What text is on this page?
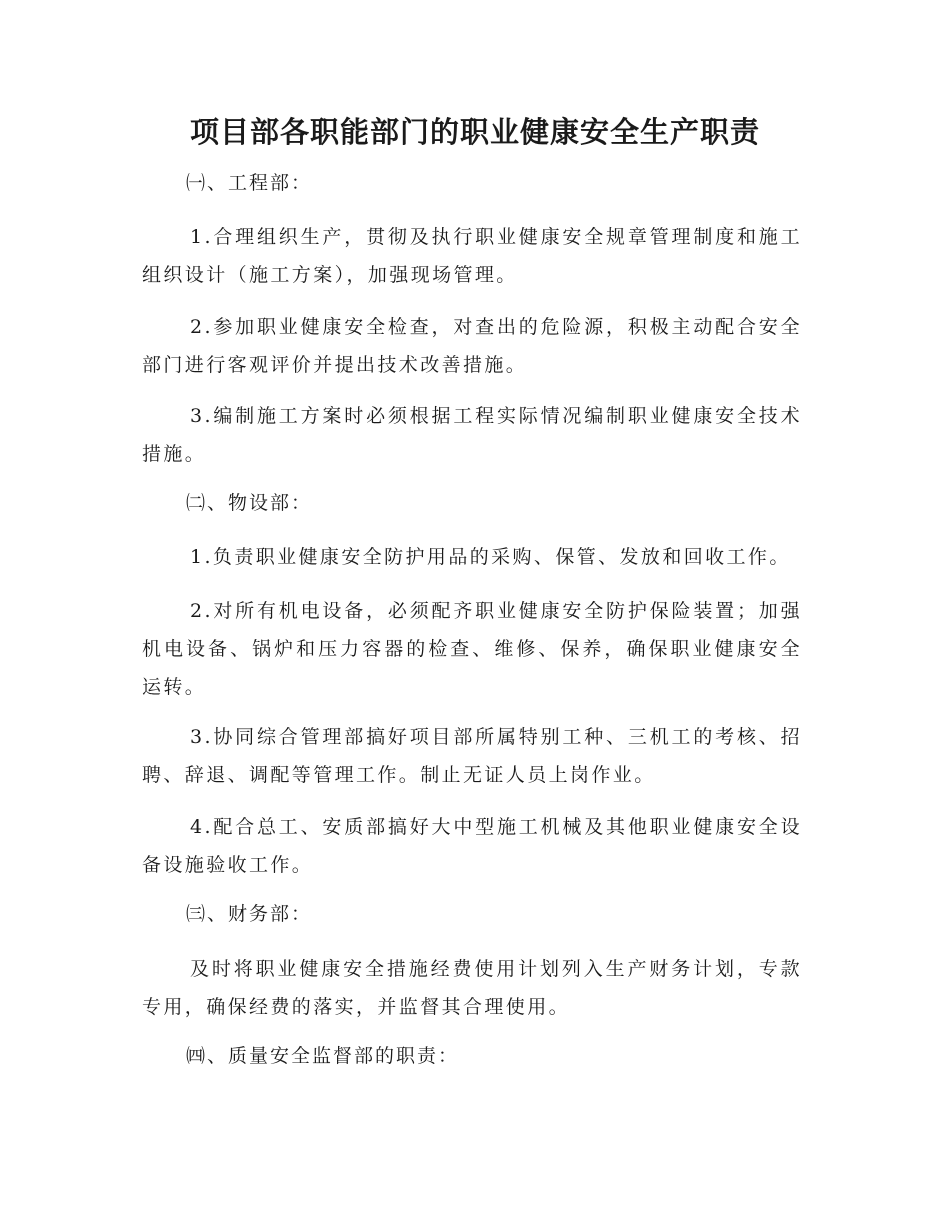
项目部各职能部门的职业健康安全生产职责
㈠、工程部：
1.合理组织生产，贯彻及执行职业健康安全规章管理制度和施工组织设计（施工方案），加强现场管理。
2.参加职业健康安全检查，对查出的危险源，积极主动配合安全部门进行客观评价并提出技术改善措施。
3.编制施工方案时必须根据工程实际情况编制职业健康安全技术措施。
㈡、物设部：
1.负责职业健康安全防护用品的采购、保管、发放和回收工作。
2.对所有机电设备，必须配齐职业健康安全防护保险装置；加强机电设备、锅炉和压力容器的检查、维修、保养，确保职业健康安全运转。
3.协同综合管理部搞好项目部所属特别工种、三机工的考核、招聘、辞退、调配等管理工作。制止无证人员上岗作业。
4.配合总工、安质部搞好大中型施工机械及其他职业健康安全设备设施验收工作。
㈢、财务部：
及时将职业健康安全措施经费使用计划列入生产财务计划，专款专用，确保经费的落实，并监督其合理使用。
㈣、质量安全监督部的职责：
